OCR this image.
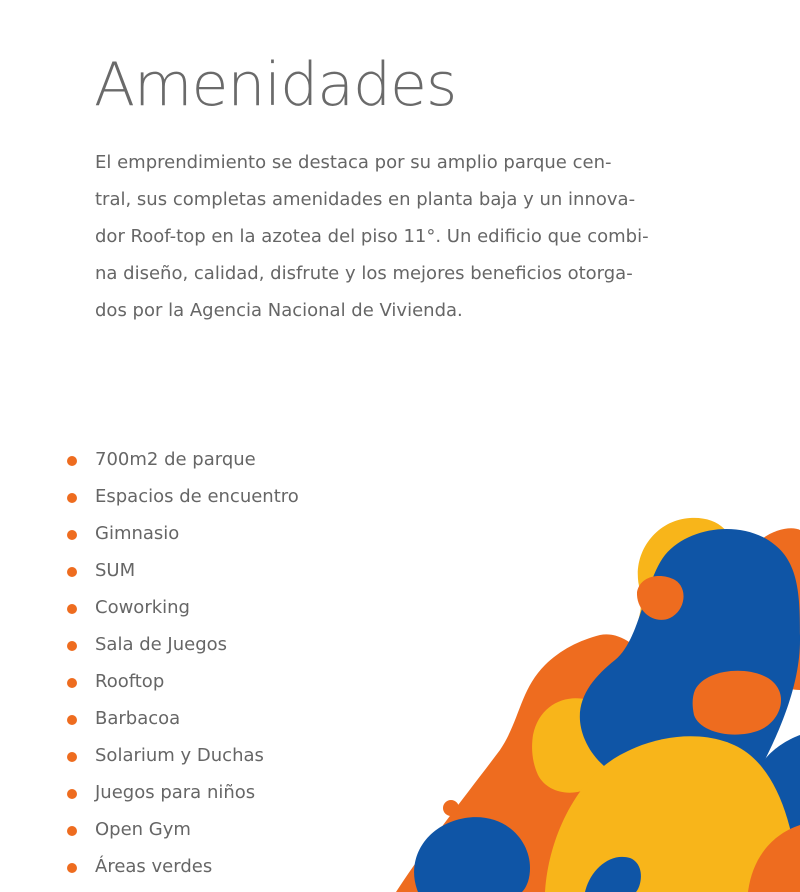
Amenidades

El emprendimiento se destaca por su amplio parque cen-
tral, sus completas amenidades en planta baja y un innova-
dor Roof-top en la azotea del piso 11°. Un edificio que combi-
na diseño, calidad, disfrute y los mejores beneficios otorga-
dos por la Agencia Nacional de Vivienda.

700m2 de parque
Espacios de encuentro
Gimnasio
SUM
Coworking
Sala de Juegos
Rooftop
Barbacoa
Solarium y Duchas
Juegos para niños
Open Gym
Áreas verdes
